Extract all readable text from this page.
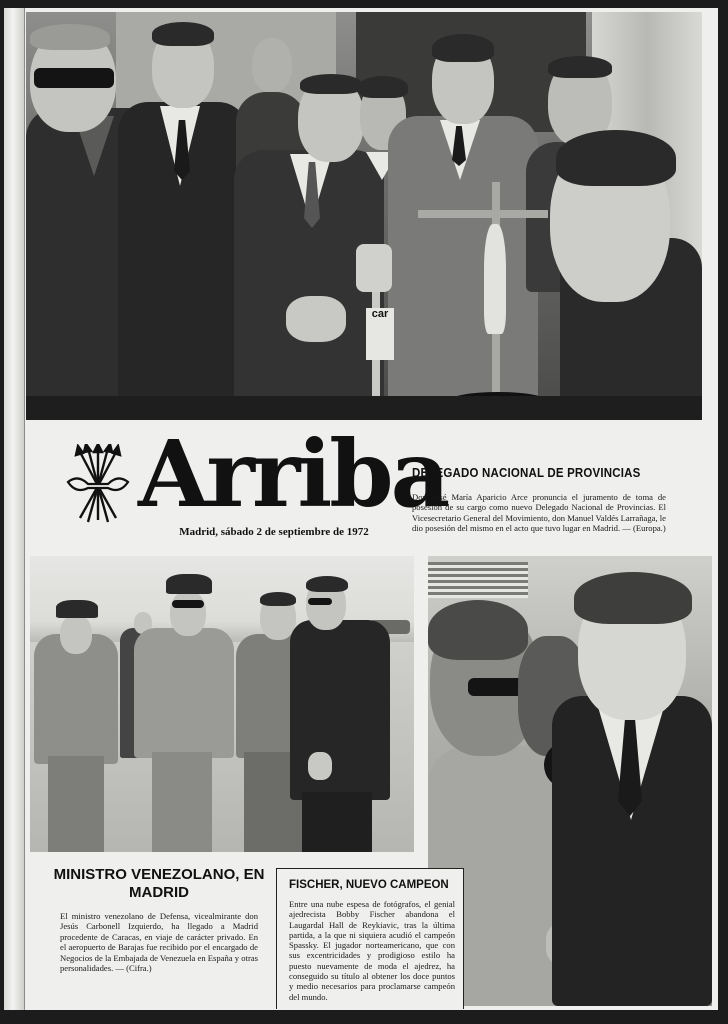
car
Arriba
Madrid, sábado 2 de septiembre de 1972
DELEGADO NACIONAL DE PROVINCIAS
Don José María Aparicio Arce pronuncia el juramento de toma de posesión de su cargo como nuevo Delegado Nacional de Provincias. El Vicesecretario General del Movimiento, don Manuel Valdés Larrañaga, le dio posesión del mismo en el acto que tuvo lugar en Madrid. — (Europa.)
MINISTRO VENEZOLANO, EN MADRID
El ministro venezolano de Defensa, vicealmirante don Jesús Carbonell Izquierdo, ha llegado a Madrid procedente de Caracas, en viaje de carácter privado. En el aeropuerto de Barajas fue recibido por el encargado de Negocios de la Embajada de Venezuela en España y otras personalidades. — (Cifra.)
FISCHER, NUEVO CAMPEON
Entre una nube espesa de fotógrafos, el genial ajedrecista Bobby Fischer abandona el Laugardal Hall de Reykiavic, tras la última partida, a la que ni siquiera acudió el campeón Spassky. El jugador norteamericano, que con sus excentricidades y prodigioso estilo ha puesto nuevamente de moda el ajedrez, ha conseguido su título al obtener los doce puntos y medio necesarios para proclamarse campeón del mundo.
